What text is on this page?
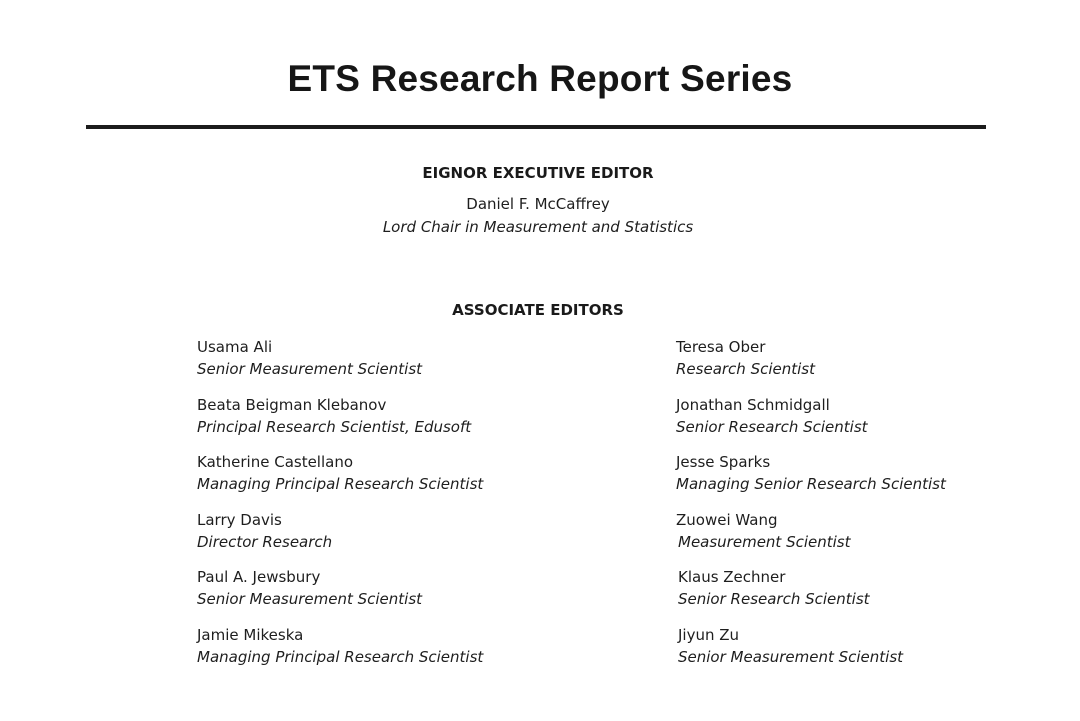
ETS Research Report Series
EIGNOR EXECUTIVE EDITOR
Daniel F. McCaffrey
Lord Chair in Measurement and Statistics
ASSOCIATE EDITORS
Usama Ali
Senior Measurement Scientist
Beata Beigman Klebanov
Principal Research Scientist, Edusoft
Katherine Castellano
Managing Principal Research Scientist
Larry Davis
Director Research
Paul A. Jewsbury
Senior Measurement Scientist
Jamie Mikeska
Managing Principal Research Scientist
Teresa Ober
Research Scientist
Jonathan Schmidgall
Senior Research Scientist
Jesse Sparks
Managing Senior Research Scientist
Zuowei Wang
Measurement Scientist
Klaus Zechner
Senior Research Scientist
Jiyun Zu
Senior Measurement Scientist
